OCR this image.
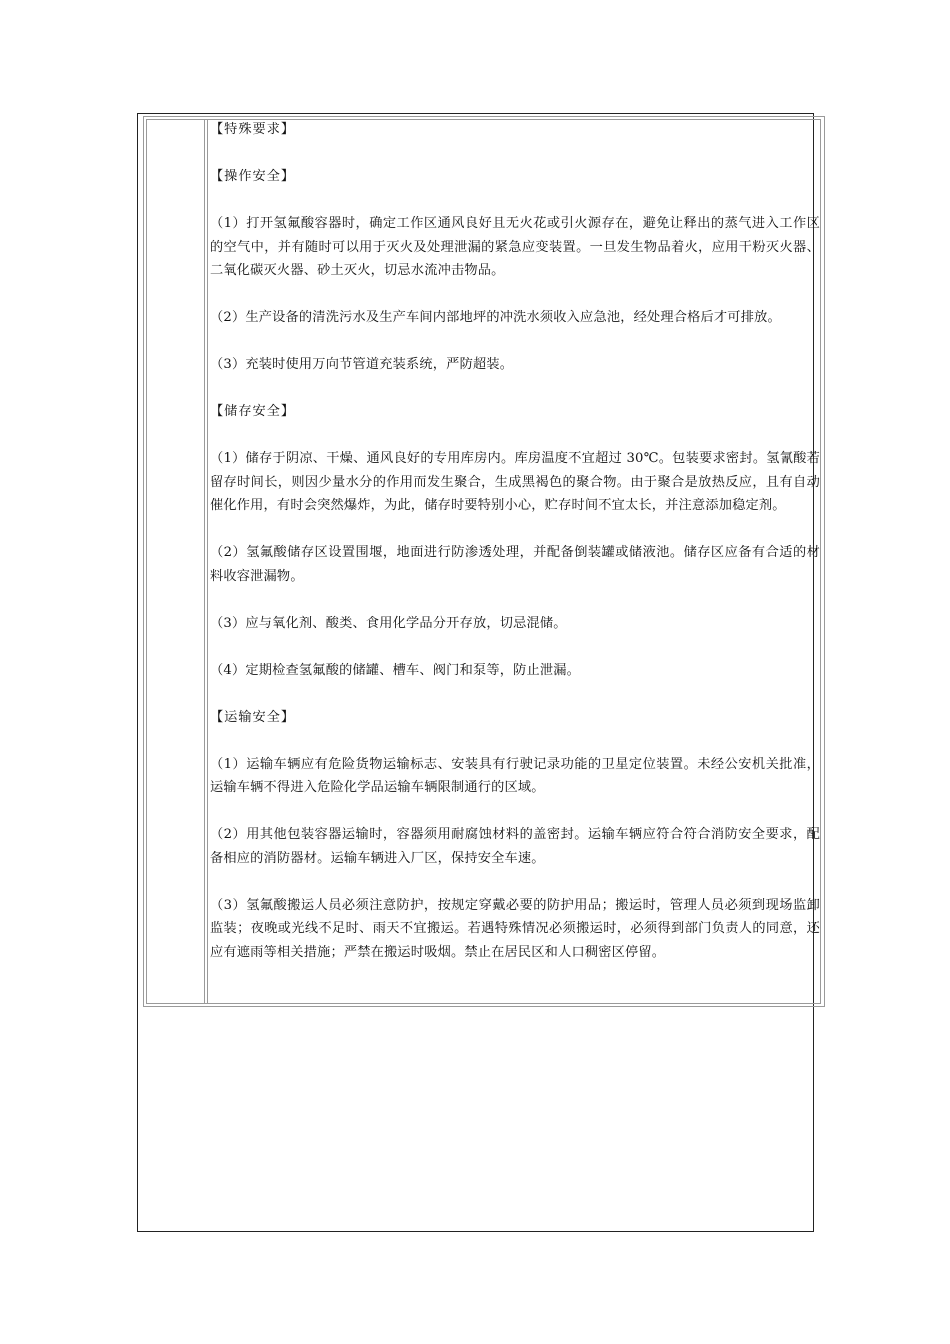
【特殊要求】

【操作安全】

（1）打开氢氟酸容器时，确定工作区通风良好且无火花或引火源存在，避免让释出的蒸气进入工作区的空气中，并有随时可以用于灭火及处理泄漏的紧急应变装置。一旦发生物品着火，应用干粉灭火器、二氧化碳灭火器、砂土灭火，切忌水流冲击物品。

（2）生产设备的清洗污水及生产车间内部地坪的冲洗水须收入应急池，经处理合格后才可排放。

（3）充装时使用万向节管道充装系统，严防超装。

【储存安全】

（1）储存于阴凉、干燥、通风良好的专用库房内。库房温度不宜超过 30℃。包装要求密封。氢氰酸若留存时间长，则因少量水分的作用而发生聚合，生成黑褐色的聚合物。由于聚合是放热反应，且有自动催化作用，有时会突然爆炸，为此，储存时要特别小心，贮存时间不宜太长，并注意添加稳定剂。

（2）氢氟酸储存区设置围堰，地面进行防渗透处理，并配备倒装罐或储液池。储存区应备有合适的材料收容泄漏物。

（3）应与氧化剂、酸类、食用化学品分开存放，切忌混储。

（4）定期检查氢氟酸的储罐、槽车、阀门和泵等，防止泄漏。

【运输安全】

（1）运输车辆应有危险货物运输标志、安装具有行驶记录功能的卫星定位装置。未经公安机关批准，运输车辆不得进入危险化学品运输车辆限制通行的区域。

（2）用其他包装容器运输时，容器须用耐腐蚀材料的盖密封。运输车辆应符合符合消防安全要求，配备相应的消防器材。运输车辆进入厂区，保持安全车速。

（3）氢氟酸搬运人员必须注意防护，按规定穿戴必要的防护用品；搬运时，管理人员必须到现场监卸监装；夜晚或光线不足时、雨天不宜搬运。若遇特殊情况必须搬运时，必须得到部门负责人的同意，还应有遮雨等相关措施；严禁在搬运时吸烟。禁止在居民区和人口稠密区停留。
